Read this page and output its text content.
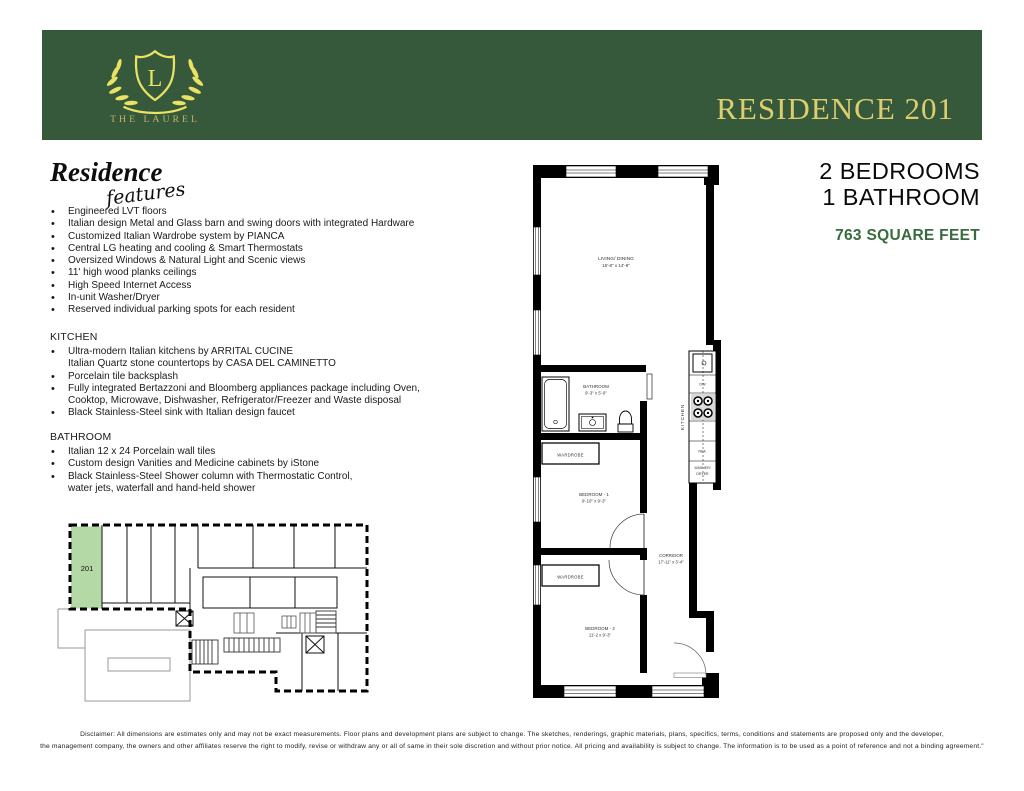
L
THE LAUREL	RESIDENCE 201
2 BEDROOMS
1 BATHROOM
763 SQUARE FEET
Residence
features
• Engineered LVT floors
• Italian design Metal and Glass barn and swing doors with integrated Hardware
• Customized Italian Wardrobe system by PIANCA
• Central LG heating and cooling & Smart Thermostats
• Oversized Windows & Natural Light and Scenic views
• 11' high wood planks ceilings
• High Speed Internet Access
• In-unit Washer/Dryer
• Reserved individual parking spots for each resident
KITCHEN
• Ultra-modern Italian kitchens by ARRITAL CUCINE
Italian Quartz stone countertops by CASA DEL CAMINETTO
• Porcelain tile backsplash
• Fully integrated Bertazzoni and Bloomberg appliances package including Oven,
Cooktop, Microwave, Dishwasher, Refrigerator/Freezer and Waste disposal
• Black Stainless-Steel sink with Italian design faucet
BATHROOM
• Italian 12 x 24 Porcelain wall tiles
• Custom design Vanities and Medicine cabinets by iStone
• Black Stainless-Steel Shower column with Thermostatic Control,
water jets, waterfall and hand-held shower
DW
REF.
WASHER/
DRYER
KITCHEN
LIVING/ DINING
16'-8" x 14'-9"
BATHROOM
9'-3" x 5'-0"
WARDROBE
BEDROOM - 1
9'-10" x 9'-3"
CORRIDOR
17'-11" x 3'-4"
WARDROBE
BEDROOM - 2
11'-2 x 9'-3"
201
Disclaimer: All dimensions are estimates only and may not be exact measurements. Floor plans and development plans are subject to change. The sketches, renderings, graphic materials, plans, specifics, terms, conditions and statements are proposed only and the developer,
the management company, the owners and other affiliates reserve the right to modify, revise or withdraw any or all of same in their sole discretion and without prior notice. All pricing and availability is subject to change. The information is to be used as a point of reference and not a binding agreement."
